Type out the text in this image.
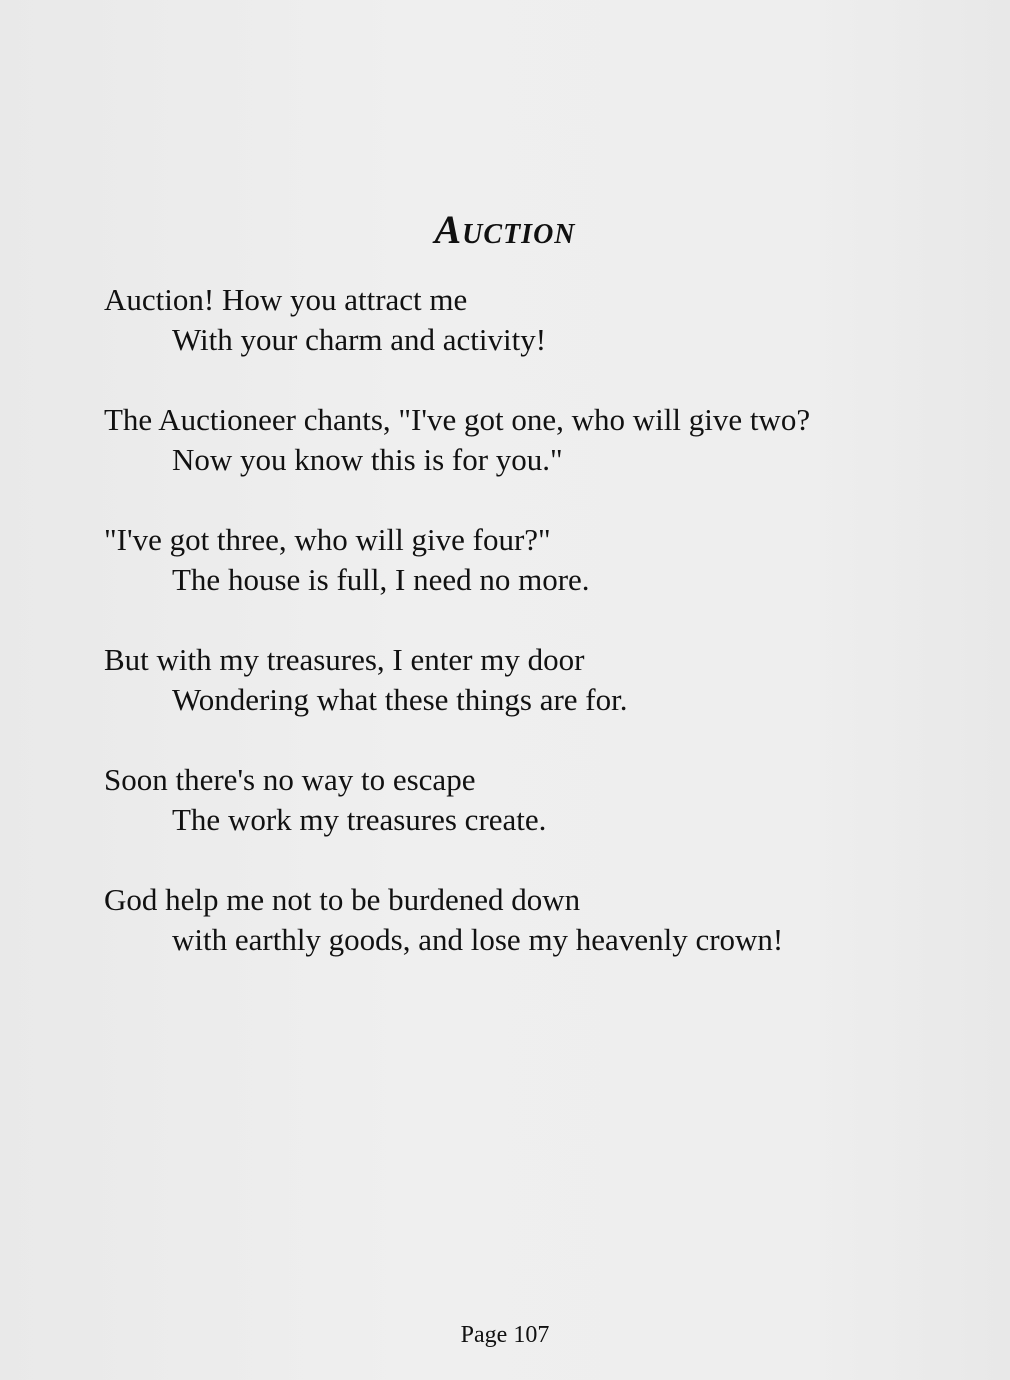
AUCTION
Auction! How you attract me
With your charm and activity!
The Auctioneer chants, "I've got one, who will give two?
Now you know this is for you."
"I've got three, who will give four?"
The house is full, I need no more.
But with my treasures, I enter my door
Wondering what these things are for.
Soon there's no way to escape
The work my treasures create.
God help me not to be burdened down
with earthly goods, and lose my heavenly crown!
Page 107
